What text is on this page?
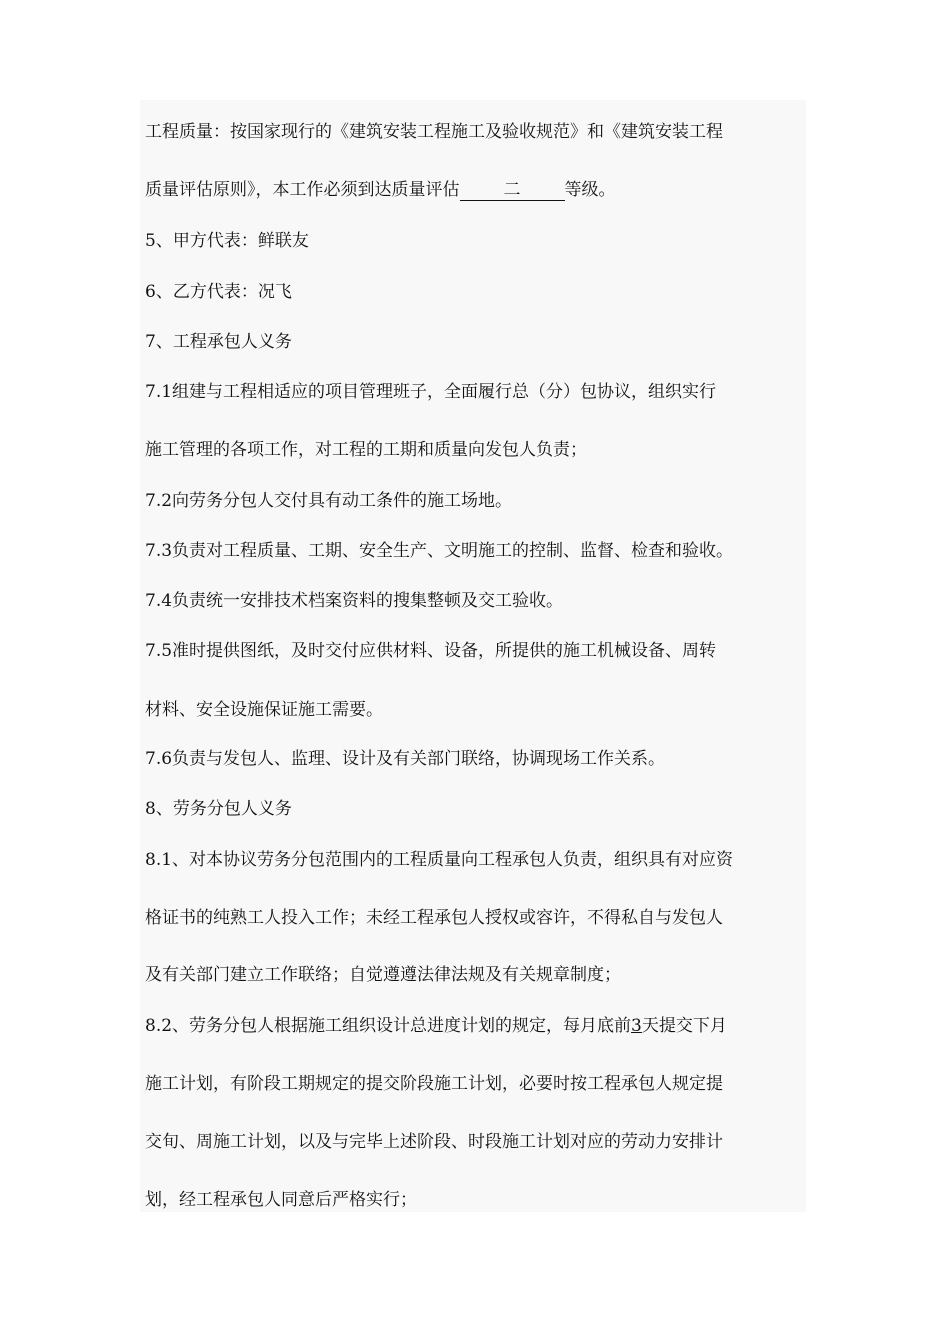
工程质量：按国家现行的《建筑安装工程施工及验收规范》和《建筑安装工程
质量评估原则》，本工作必须到达质量评估	二	等级。
5、甲方代表：鲜联友
6、乙方代表：况飞
7、工程承包人义务
7.1组建与工程相适应的项目管理班子，全面履行总（分）包协议，组织实行
施工管理的各项工作，对工程的工期和质量向发包人负责；
7.2向劳务分包人交付具有动工条件的施工场地。
7.3负责对工程质量、工期、安全生产、文明施工的控制、监督、检查和验收。
7.4负责统一安排技术档案资料的搜集整顿及交工验收。
7.5准时提供图纸，及时交付应供材料、设备，所提供的施工机械设备、周转
材料、安全设施保证施工需要。
7.6负责与发包人、监理、设计及有关部门联络，协调现场工作关系。
8、劳务分包人义务
8.1、对本协议劳务分包范围内的工程质量向工程承包人负责，组织具有对应资
格证书的纯熟工人投入工作；未经工程承包人授权或容许，不得私自与发包人
及有关部门建立工作联络；自觉遵遵法律法规及有关规章制度；
8.2、劳务分包人根据施工组织设计总进度计划的规定，每月底前3天提交下月
施工计划，有阶段工期规定的提交阶段施工计划，必要时按工程承包人规定提
交旬、周施工计划，以及与完毕上述阶段、时段施工计划对应的劳动力安排计
划，经工程承包人同意后严格实行；
